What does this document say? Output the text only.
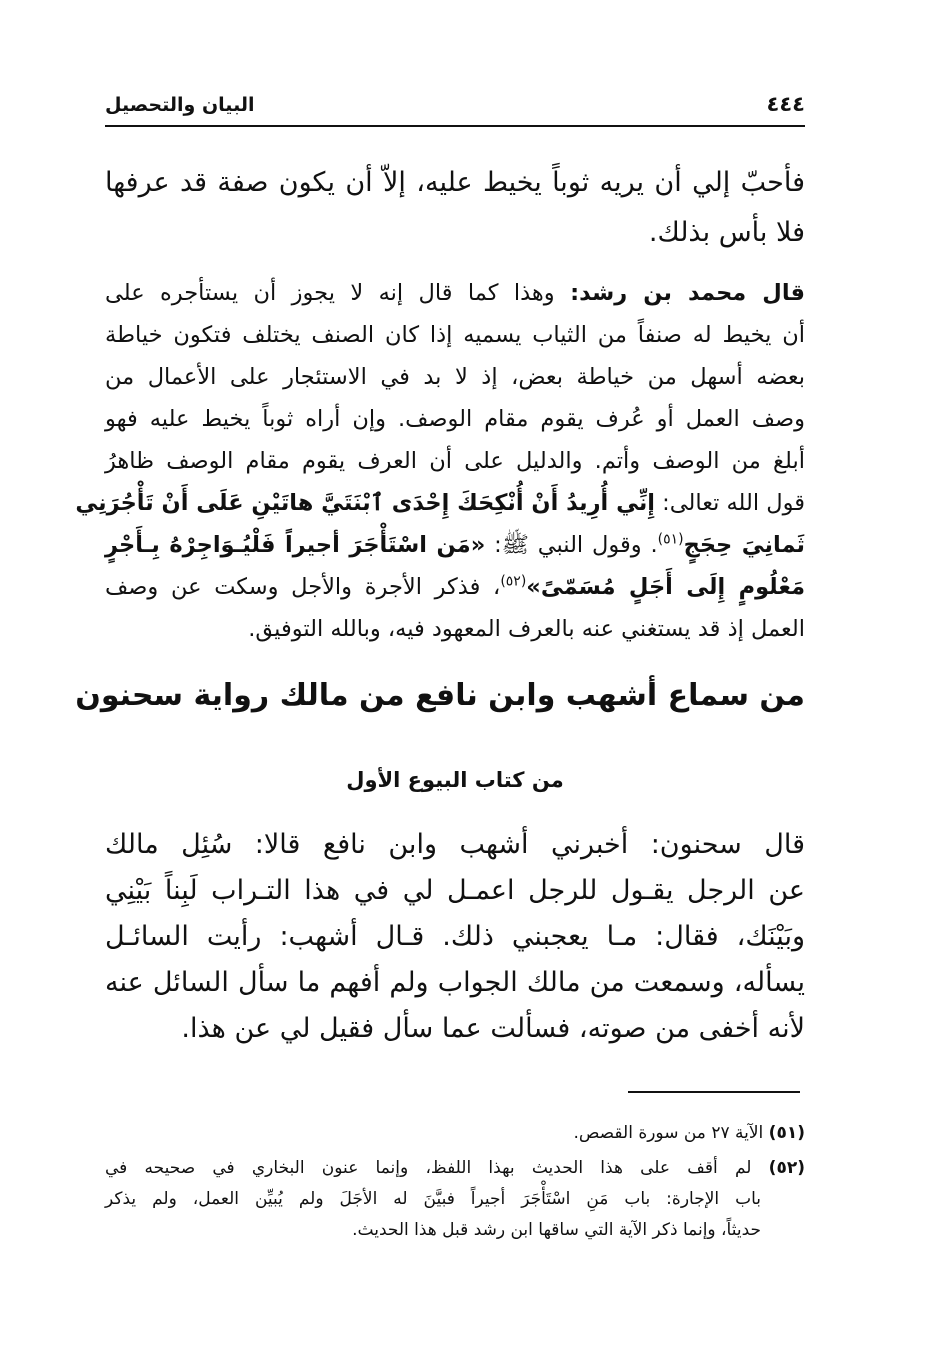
البيان والتحصيل	٤٤٤
فأحبّ إلي أن يريه ثوباً يخيط عليه، إلاّ أن يكون صفة قد عرفها
فلا بأس بذلك.
قال محمد بن رشد: وهذا كما قال إنه لا يجوز أن يستأجره على
أن يخيط له صنفاً من الثياب يسميه إذا كان الصنف يختلف فتكون خياطة
بعضه أسهل من خياطة بعض، إذ لا بد في الاستئجار على الأعمال من
وصف العمل أو عُرف يقوم مقام الوصف. وإن أراه ثوباً يخيط عليه فهو
أبلغ من الوصف وأتم. والدليل على أن العرف يقوم مقام الوصف ظاهرُ
قول الله تعالى: إِنِّي أُرِيدُ أَنْ أُنْكِحَكَ إِحْدَى ٱبْنَتَيَّ هاتَيْنِ عَلَى أَنْ تَأْجُرَنِي
ثَمانِيَ حِجَجٍ$^{(٥١)}$. وقول النبي ﷺ: «مَن اسْتَأْجَرَ أجيراً فَلْيُـوَاجِرْهُ بِـأَجْرٍ
مَعْلُومٍ إِلَى أَجَلٍ مُسَمّىً»$^{(٥٢)}$، فذكر الأجرة والأجل وسكت عن وصف
العمل إذ قد يستغني عنه بالعرف المعهود فيه، وبالله التوفيق.
من سماع أشهب وابن نافع من مالك رواية سحنون
من كتاب البيوع الأول
قال سحنون: أخبرني أشهب وابن نافع قالا: سُئِل مالك
عن الرجل يقـول للرجل اعمـل لي في هذا التـراب لَبِناً بَيْنِي
وبَيْنَك، فقال: مـا يعجبني ذلك. قـال أشهب: رأيت السائـل
يسأله، وسمعت من مالك الجواب ولم أفهم ما سأل السائل عنه
لأنه أخفى من صوته، فسألت عما سأل فقيل لي عن هذا.
(٥١) الآية ٢٧ من سورة القصص.
(٥٢) لم أقف على هذا الحديث بهذا اللفظ، وإنما عنون البخاري في صحيحه في
باب الإجارة: باب مَنِ اسْتَأْجَرَ أجيراً فبيَّنَ له الأجَلَ ولم يُبيِّن العمل، ولم يذكر
حديثاً، وإنما ذكر الآية التي ساقها ابن رشد قبل هذا الحديث.
